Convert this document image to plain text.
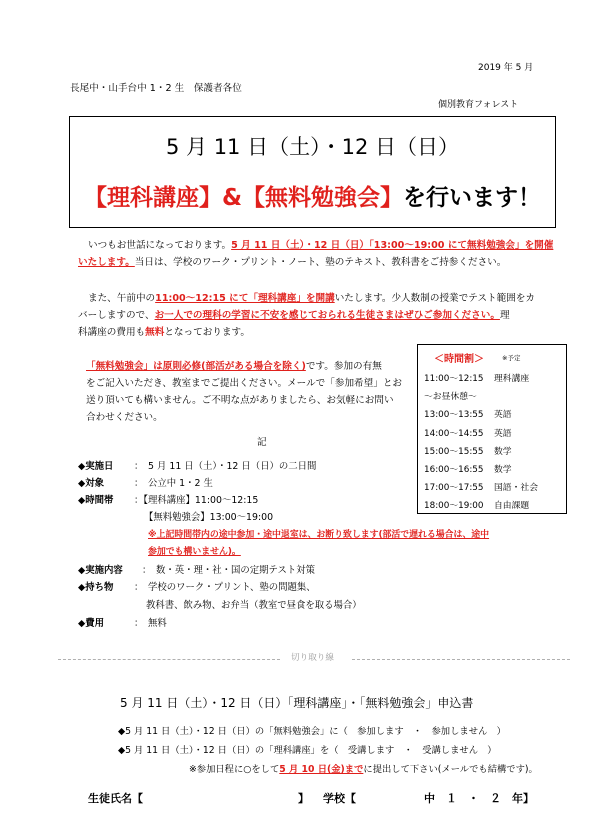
2019 年 5 月
長尾中・山手台中 1・2 生　保護者各位
個別教育フォレスト
5 月 11 日（土）・12 日（日）
【理科講座】&【無料勉強会】を行います！
いつもお世話になっております。5 月 11 日（土）・12 日（日）「13:00～19:00 にて無料勉強会」を開催
いたします。当日は、学校のワーク・プリント・ノート、塾のテキスト、教科書をご持参ください。
また、午前中の11:00～12:15 にて「理科講座」を開講いたします。少人数制の授業でテスト範囲をカ
バーしますので、お一人での理科の学習に不安を感じておられる生徒さまはぜひご参加ください。理
科講座の費用も無料となっております。
「無料勉強会」は原則必修(部活がある場合を除く)です。参加の有無
をご記入いただき、教室までご提出ください。メールで「参加希望」とお
送り頂いても構いません。ご不明な点がありましたら、お気軽にお問い
合わせください。
記
＜時間割＞	※予定
11:00～12:15 理科講座
～お昼休憩～
13:00～13:55 英語
14:00～14:55 英語
15:00～15:55 数学
16:00～16:55 数学
17:00～17:55 国語・社会
18:00～19:00 自由課題
◆実施日 ：　5 月 11 日（土）・12 日（日）の二日間
◆対象	：　公立中 1・2 生
◆時間帯 ：【理科講座】11:00～12:15
【無料勉強会】13:00～19:00
※上記時間帯内の途中参加・途中退室は、お断り致します(部活で遅れる場合は、途中
参加でも構いません)。
◆実施内容 ：　数・英・理・社・国の定期テスト対策
◆持ち物 ：　学校のワーク・プリント、塾の問題集、
教科書、飲み物、お弁当（教室で昼食を取る場合）
◆費用	：　無料
切り取り線
5 月 11 日（土）・12 日（日）「理科講座」・「無料勉強会」申込書
◆5 月 11 日（土）・12 日（日）の「無料勉強会」に（　参加します　・　参加しません　）
◆5 月 11 日（土）・12 日（日）の「理科講座」を（　受講します　・　受講しません　）
※参加日程に○をして5 月 10 日(金)までに提出して下さい(メールでも結構です)。
生徒氏名【	】 学校【	中　１　・　２　年】
